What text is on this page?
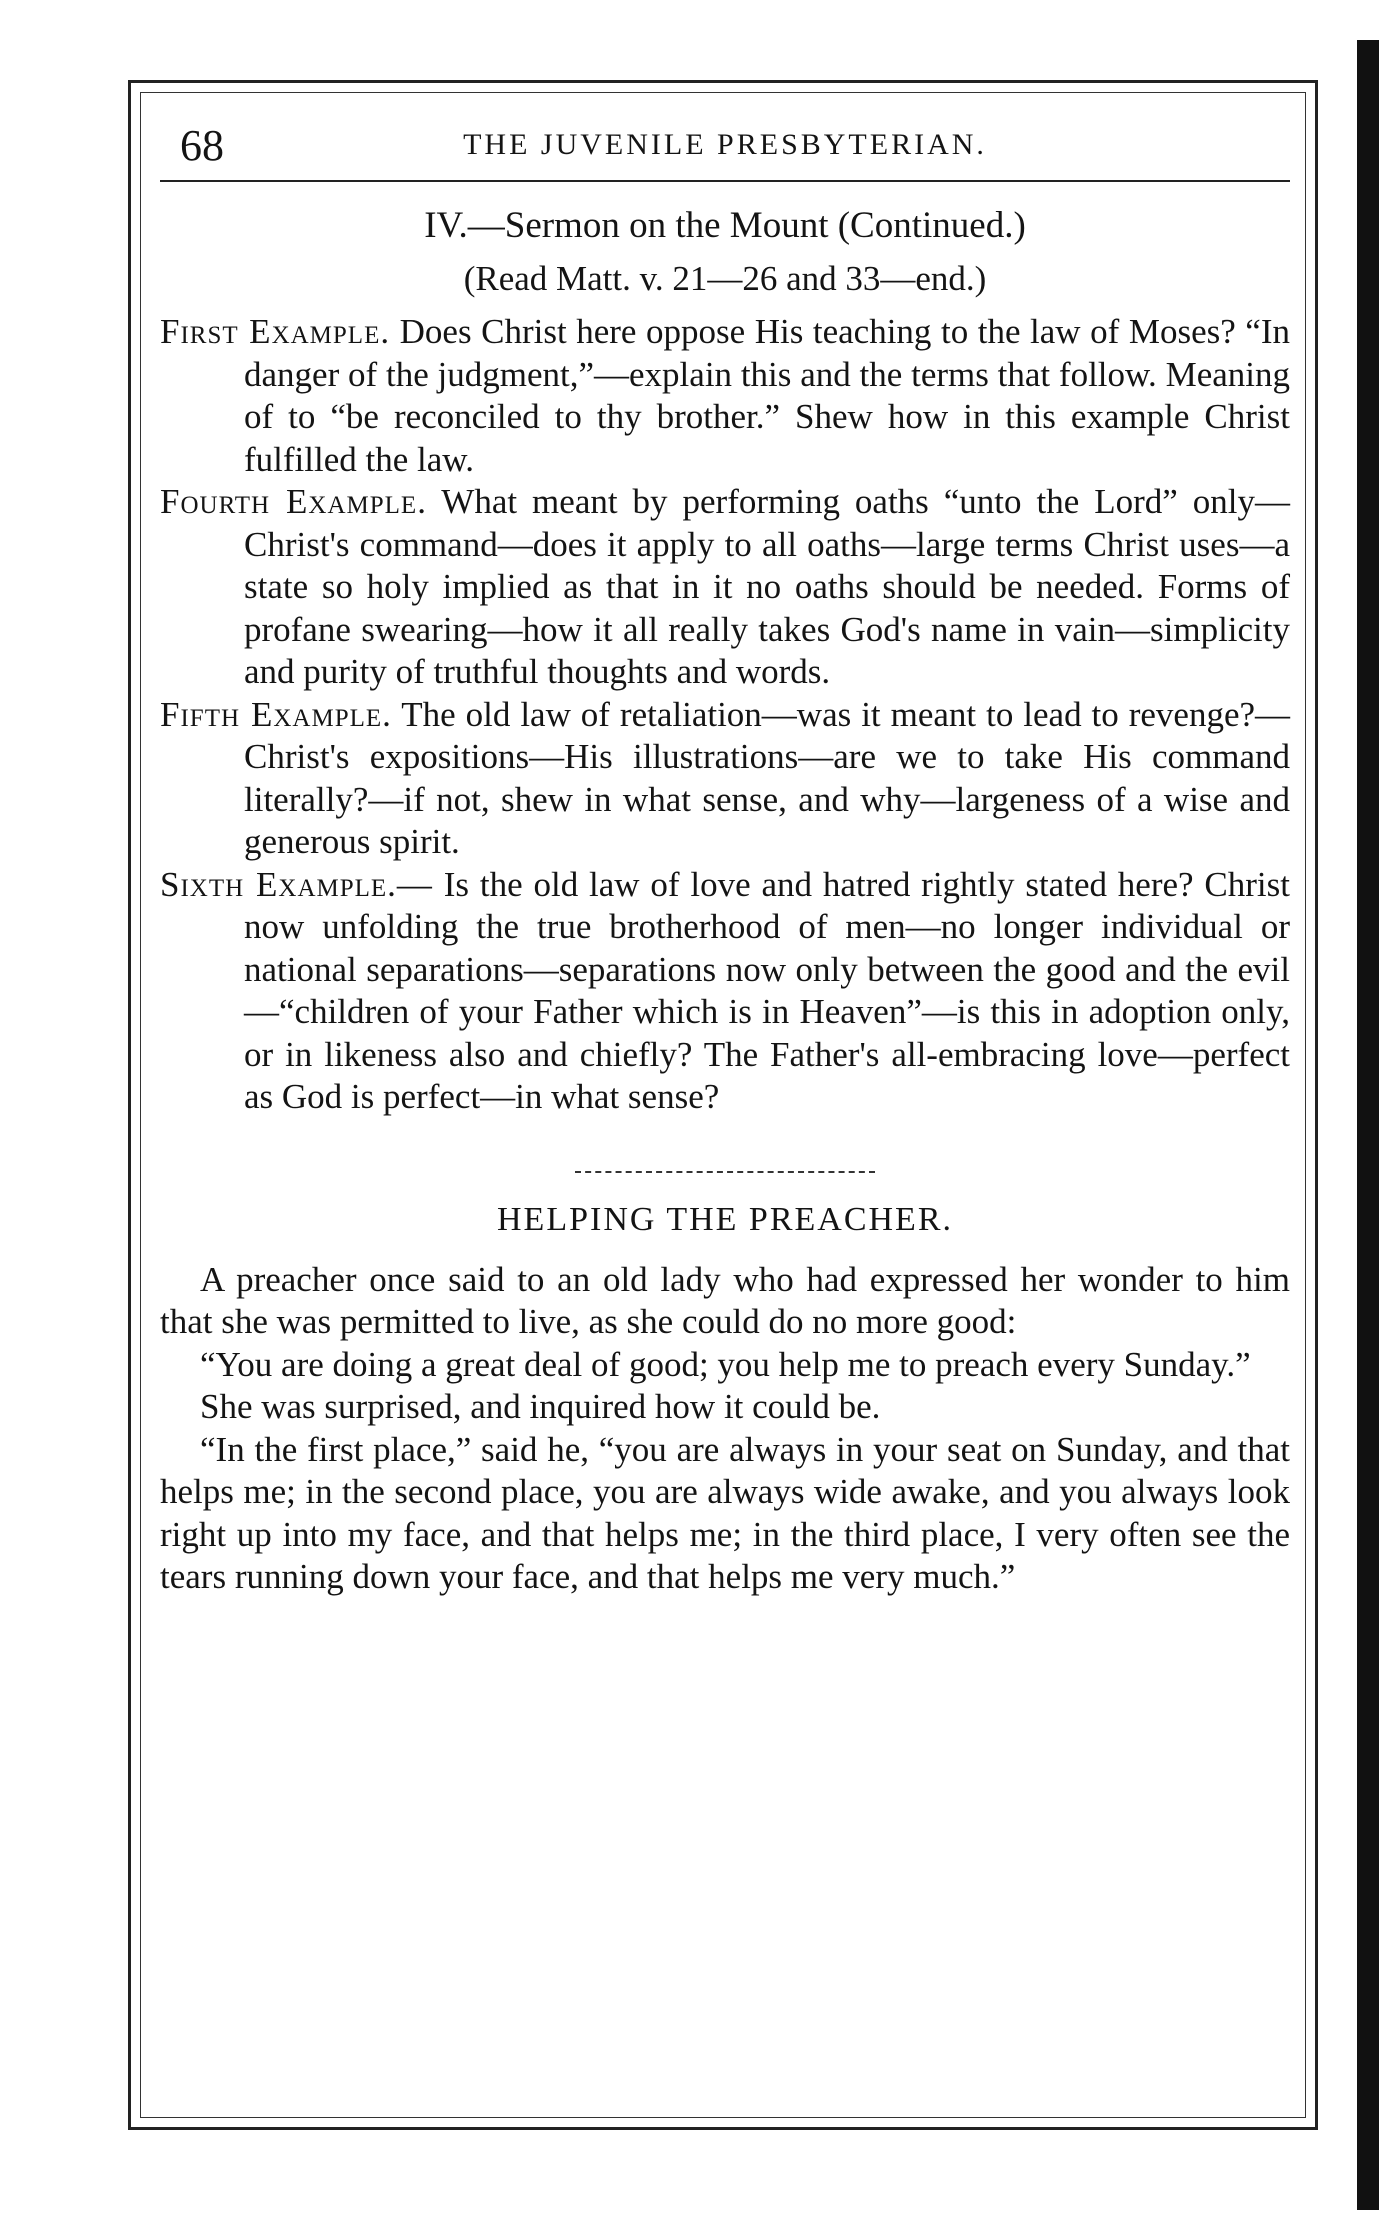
68	THE JUVENILE PRESBYTERIAN.
IV.—Sermon on the Mount (Continued.)
(Read Matt. v. 21—26 and 33—end.)

First Example. Does Christ here oppose His teaching to the law of Moses? “In danger of the judgment,”—explain this and the terms that follow. Meaning of to “be reconciled to thy brother.” Shew how in this example Christ fulfilled the law.

Fourth Example. What meant by performing oaths “unto the Lord” only—Christ's command—does it apply to all oaths—large terms Christ uses—a state so holy implied as that in it no oaths should be needed. Forms of profane swearing—how it all really takes God's name in vain—simplicity and purity of truthful thoughts and words.

Fifth Example. The old law of retaliation—was it meant to lead to revenge?—Christ's expositions—His illustrations—are we to take His command literally?—if not, shew in what sense, and why—largeness of a wise and generous spirit.

Sixth Example.— Is the old law of love and hatred rightly stated here? Christ now unfolding the true brotherhood of men—no longer individual or national separations—separations now only between the good and the evil—“children of your Father which is in Heaven”—is this in adoption only, or in likeness also and chiefly? The Father's all-embracing love—perfect as God is perfect—in what sense?

HELPING THE PREACHER.

A preacher once said to an old lady who had expressed her wonder to him that she was permitted to live, as she could do no more good:

“You are doing a great deal of good; you help me to preach every Sunday.”

She was surprised, and inquired how it could be.

“In the first place,” said he, “you are always in your seat on Sunday, and that helps me; in the second place, you are always wide awake, and you always look right up into my face, and that helps me; in the third place, I very often see the tears running down your face, and that helps me very much.”
